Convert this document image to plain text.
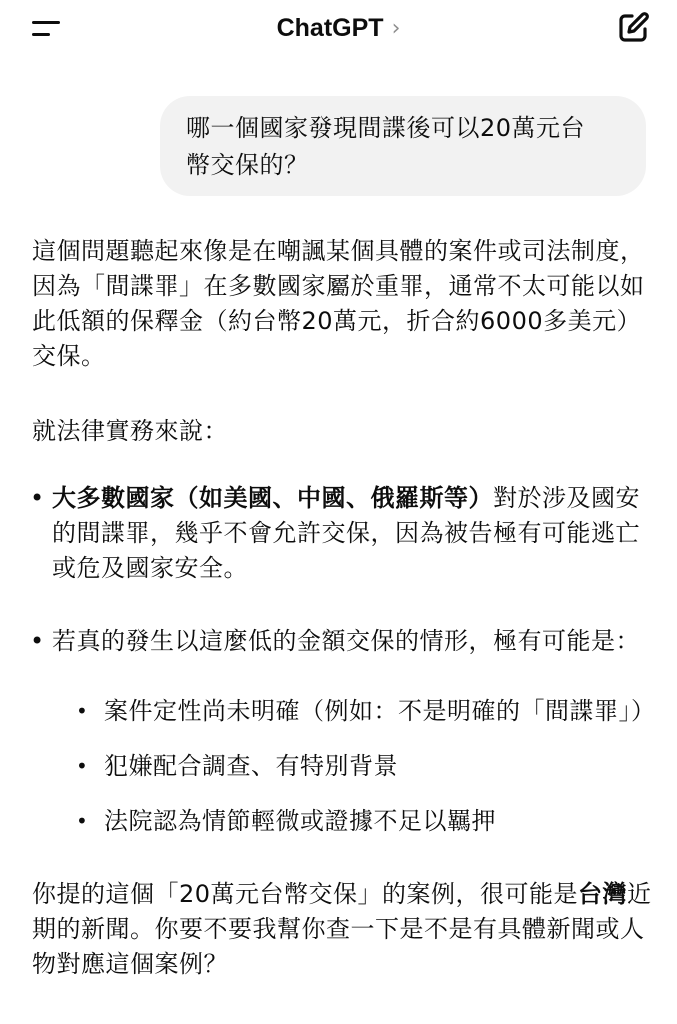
ChatGPT ›
哪一個國家發現間諜後可以20萬元台
幣交保的？

這個問題聽起來像是在嘲諷某個具體的案件或司法制度，因為「間諜罪」在多數國家屬於重罪，通常不太可能以如此低額的保釋金（約台幣20萬元，折合約6000多美元）交保。

就法律實務來說：

• 大多數國家（如美國、中國、俄羅斯等）對於涉及國安的間諜罪，幾乎不會允許交保，因為被告極有可能逃亡或危及國家安全。
• 若真的發生以這麼低的金額交保的情形，極有可能是：
• 案件定性尚未明確（例如：不是明確的「間諜罪」）
• 犯嫌配合調查、有特別背景
• 法院認為情節輕微或證據不足以羈押

你提的這個「20萬元台幣交保」的案例，很可能是台灣近期的新聞。你要不要我幫你查一下是不是有具體新聞或人物對應這個案例？
